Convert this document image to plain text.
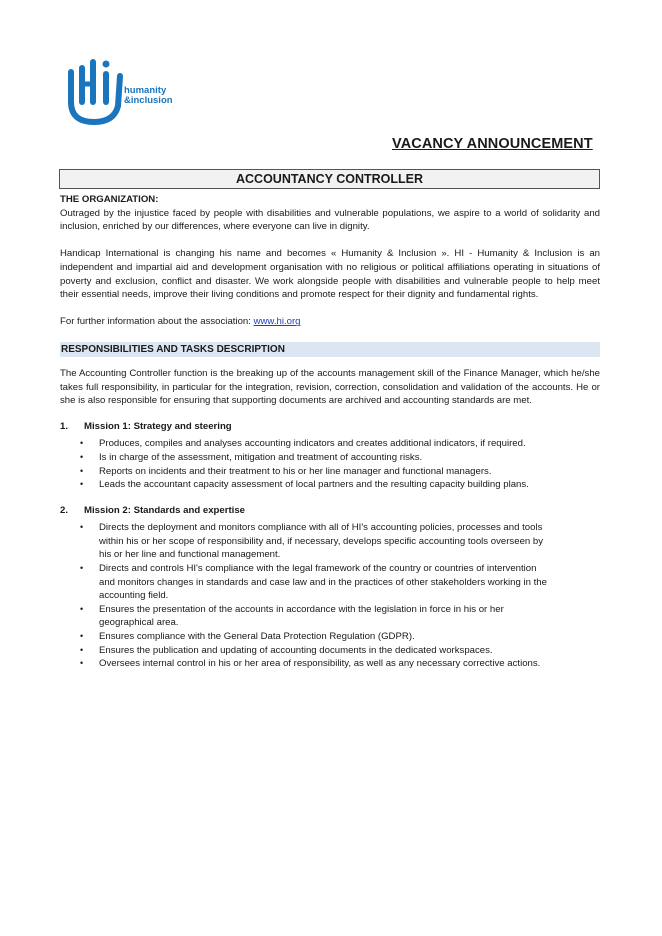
humanity
&inclusion
VACANCY ANNOUNCEMENT
ACCOUNTANCY CONTROLLER

THE ORGANIZATION:

Outraged by the injustice faced by people with disabilities and vulnerable populations, we aspire to a world of solidarity and inclusion, enriched by our differences, where everyone can live in dignity.

Handicap International is changing his name and becomes « Humanity & Inclusion ». HI - Humanity & Inclusion is an independent and impartial aid and development organisation with no religious or political affiliations operating in situations of poverty and exclusion, conflict and disaster. We work alongside people with disabilities and vulnerable people to help meet their essential needs, improve their living conditions and promote respect for their dignity and fundamental rights.

For further information about the association: www.hi.org

RESPONSIBILITIES AND TASKS DESCRIPTION

The Accounting Controller function is the breaking up of the accounts management skill of the Finance Manager, which he/she takes full responsibility, in particular for the integration, revision, correction, consolidation and validation of the accounts. He or she is also responsible for ensuring that supporting documents are archived and accounting standards are met.

1.	Mission 1: Strategy and steering
•	Produces, compiles and analyses accounting indicators and creates additional indicators, if required.
•	Is in charge of the assessment, mitigation and treatment of accounting risks.
•	Reports on incidents and their treatment to his or her line manager and functional managers.
•	Leads the accountant capacity assessment of local partners and the resulting capacity building plans.
2.	Mission 2: Standards and expertise
•	Directs the deployment and monitors compliance with all of HI's accounting policies, processes and tools within his or her scope of responsibility and, if necessary, develops specific accounting tools overseen by his or her line and functional management.
•	Directs and controls HI's compliance with the legal framework of the country or countries of intervention and monitors changes in standards and case law and in the practices of other stakeholders working in the accounting field.
•	Ensures the presentation of the accounts in accordance with the legislation in force in his or her geographical area.
•	Ensures compliance with the General Data Protection Regulation (GDPR).
•	Ensures the publication and updating of accounting documents in the dedicated workspaces.
•	Oversees internal control in his or her area of responsibility, as well as any necessary corrective actions.
